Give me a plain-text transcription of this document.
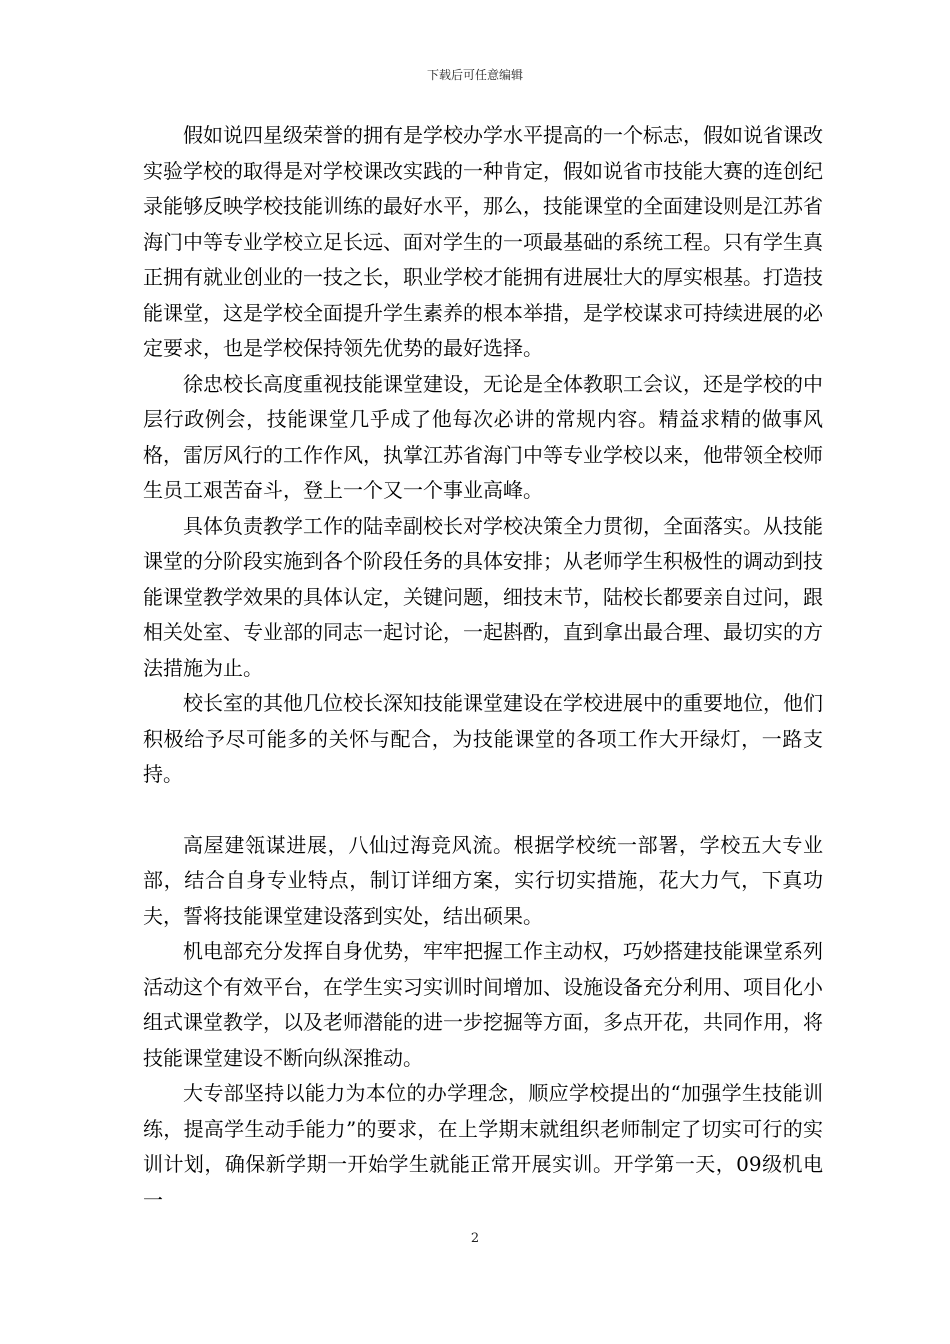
下载后可任意编辑

假如说四星级荣誉的拥有是学校办学水平提高的一个标志，假如说省课改实验学校的取得是对学校课改实践的一种肯定，假如说省市技能大赛的连创纪录能够反映学校技能训练的最好水平，那么，技能课堂的全面建设则是江苏省海门中等专业学校立足长远、面对学生的一项最基础的系统工程。只有学生真正拥有就业创业的一技之长，职业学校才能拥有进展壮大的厚实根基。打造技能课堂，这是学校全面提升学生素养的根本举措，是学校谋求可持续进展的必定要求，也是学校保持领先优势的最好选择。

徐忠校长高度重视技能课堂建设，无论是全体教职工会议，还是学校的中层行政例会，技能课堂几乎成了他每次必讲的常规内容。精益求精的做事风格，雷厉风行的工作作风，执掌江苏省海门中等专业学校以来，他带领全校师生员工艰苦奋斗，登上一个又一个事业高峰。

具体负责教学工作的陆幸副校长对学校决策全力贯彻，全面落实。从技能课堂的分阶段实施到各个阶段任务的具体安排；从老师学生积极性的调动到技能课堂教学效果的具体认定，关键问题，细技末节，陆校长都要亲自过问，跟相关处室、专业部的同志一起讨论，一起斟酌，直到拿出最合理、最切实的方法措施为止。

校长室的其他几位校长深知技能课堂建设在学校进展中的重要地位，他们积极给予尽可能多的关怀与配合，为技能课堂的各项工作大开绿灯，一路支持。

高屋建瓴谋进展，八仙过海竞风流。根据学校统一部署，学校五大专业部，结合自身专业特点，制订详细方案，实行切实措施，花大力气，下真功夫，誓将技能课堂建设落到实处，结出硕果。

机电部充分发挥自身优势，牢牢把握工作主动权，巧妙搭建技能课堂系列活动这个有效平台，在学生实习实训时间增加、设施设备充分利用、项目化小组式课堂教学，以及老师潜能的进一步挖掘等方面，多点开花，共同作用，将技能课堂建设不断向纵深推动。

大专部坚持以能力为本位的办学理念，顺应学校提出的“加强学生技能训练，提高学生动手能力”的要求，在上学期末就组织老师制定了切实可行的实训计划，确保新学期一开始学生就能正常开展实训。开学第一天，09级机电一

2
